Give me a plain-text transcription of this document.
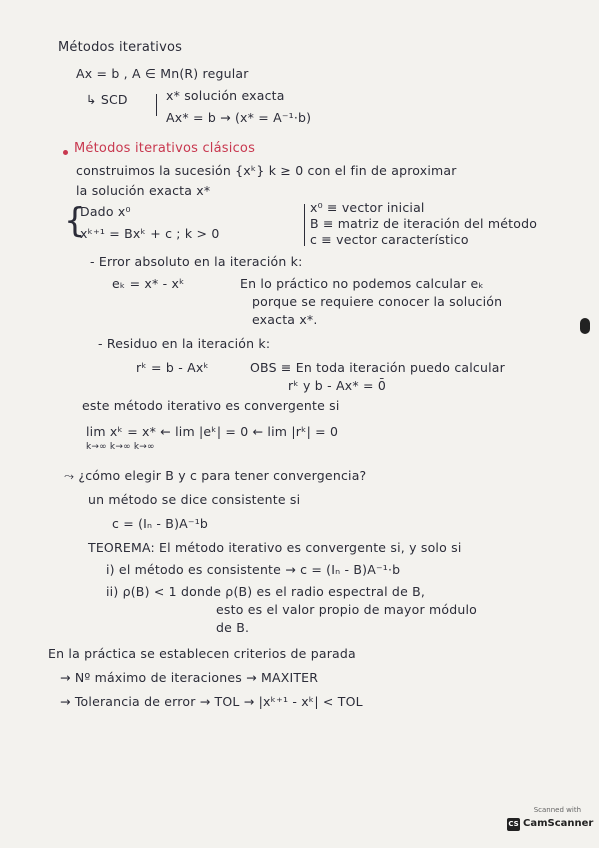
Métodos iterativos
Ax = b , A ∈ Mn(R) regular
↳ SCD	x* solución exacta
Ax* = b → (x* = A⁻¹·b)
Métodos iterativos clásicos
construimos la sucesión {xᵏ} k ≥ 0 con el fin de aproximar
la solución exacta x*
{
Dado x⁰
xᵏ⁺¹ = Bxᵏ + c ; k > 0
x⁰ ≡ vector inicial
B ≡ matriz de iteración del método
c ≡ vector característico
- Error absoluto en la iteración k:
eₖ = x* - xᵏ	En lo práctico no podemos calcular eₖ
porque se requiere conocer la solución
exacta x*.
- Residuo en la iteración k:
rᵏ = b - Axᵏ	OBS ≡ En toda iteración puedo calcular
rᵏ y b - Ax* = 0̄
este método iterativo es convergente si
lim xᵏ = x* ← lim |eᵏ| = 0 ← lim |rᵏ| = 0
k→∞ k→∞ k→∞
⤳ ¿cómo elegir B y c para tener convergencia?
un método se dice consistente si
c = (Iₙ - B)A⁻¹b
TEOREMA: El método iterativo es convergente si, y solo si
i) el método es consistente → c = (Iₙ - B)A⁻¹·b
ii) ρ(B) < 1 donde ρ(B) es el radio espectral de B,
esto es el valor propio de mayor módulo
de B.
En la práctica se establecen criterios de parada
→ Nº máximo de iteraciones → MAXITER
→ Tolerancia de error → TOL → |xᵏ⁺¹ - xᵏ| < TOL
Scanned with
CS CamScanner
